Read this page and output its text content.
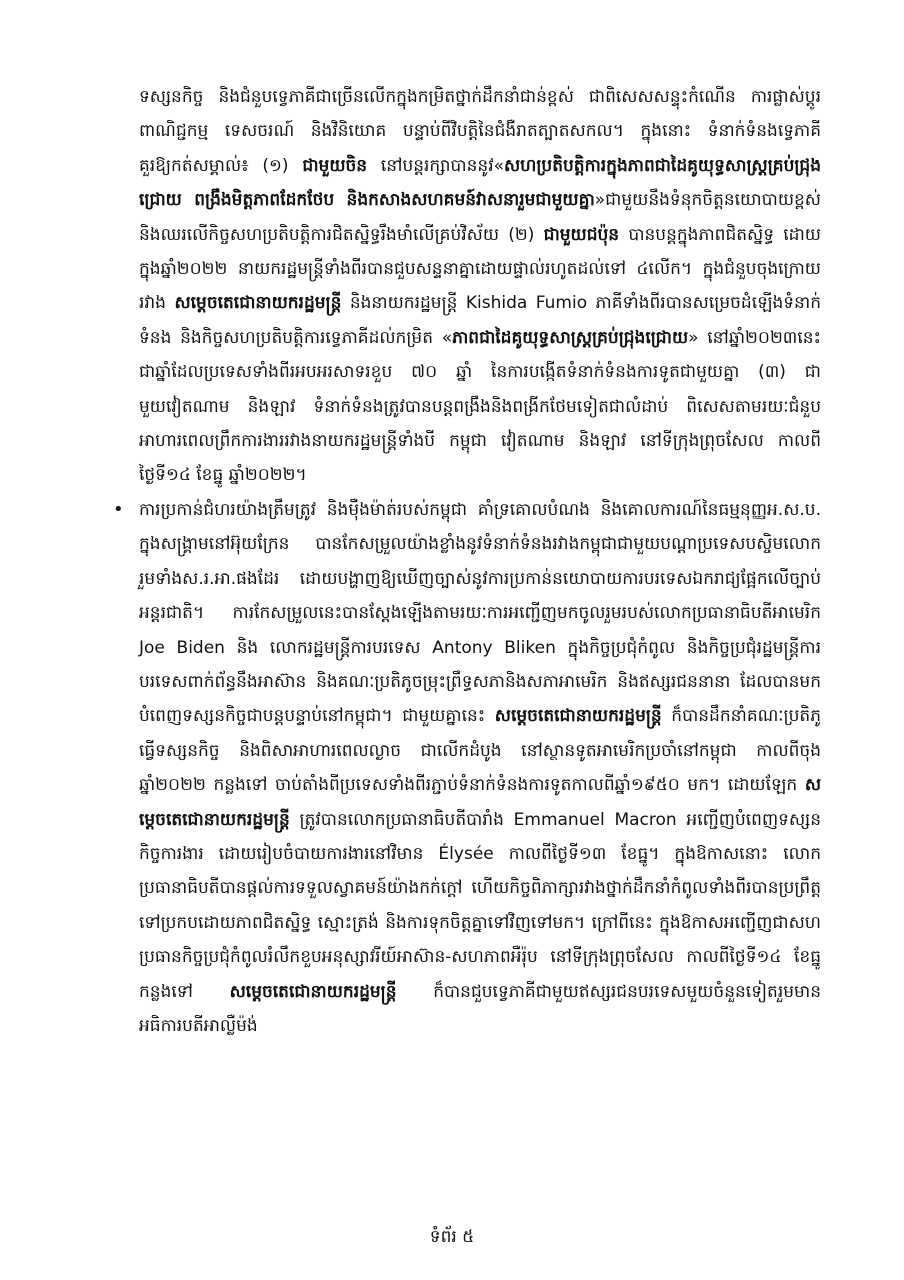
ទស្សនកិច្ច និងជំនួបទ្វេភាគីជាច្រើនលើកក្នុងកម្រិតថ្នាក់ដឹកនាំជាន់ខ្ពស់ ជាពិសេសសន្ទុះកំណើន ការផ្លាស់ប្តូរពាណិជ្ជកម្ម ទេសចរណ៍ និងវិនិយោគ បន្ទាប់ពីវិបត្តិនៃជំងឺរាតត្បាតសកល។ ក្នុងនោះ ទំនាក់ទំនងទ្វេភាគីគួរឱ្យកត់សម្គាល់៖ (១) ជាមួយចិន នៅបន្តរក្សាបាននូវ«សហប្រតិបត្តិការក្នុងភាពជាដៃគូយុទ្ធសាស្ត្រគ្រប់ជ្រុងជ្រោយ ពង្រឹងមិត្តភាពដែកថែប និងកសាងសហគមន៍វាសនារួមជាមួយគ្នា»ជាមួយនឹងទំនុកចិត្តនយោបាយខ្ពស់ និងឈរលើកិច្ចសហប្រតិបត្តិការជិតស្និទ្ធរឹងមាំលើគ្រប់វិស័យ (២) ជាមួយជប៉ុន បានបន្តក្នុងភាពជិតស្និទ្ធ ដោយក្នុងឆ្នាំ២០២២ នាយករដ្ឋមន្ត្រីទាំងពីរបានជួបសន្ទនាគ្នាដោយផ្ទាល់រហូតដល់ទៅ ៤លើក។ ក្នុងជំនួបចុងក្រោយរវាង សម្តេចតេជោនាយករដ្ឋមន្ត្រី និងនាយករដ្ឋមន្ត្រី Kishida Fumio ភាគីទាំងពីរបានសម្រេចដំឡើងទំនាក់ទំនង និងកិច្ចសហប្រតិបត្តិការទ្វេភាគីដល់កម្រិត «ភាពជាដៃគូយុទ្ធសាស្ត្រគ្រប់ជ្រុងជ្រោយ» នៅឆ្នាំ២០២៣នេះ ជាឆ្នាំដែលប្រទេសទាំងពីរអបអរសាទរខួប ៧០ ឆ្នាំ នៃការបង្កើតទំនាក់ទំនងការទូតជាមួយគ្នា (៣) ជាមួយវៀតណាម និងឡាវ ទំនាក់ទំនងត្រូវបានបន្តពង្រឹងនិងពង្រីកថែមទៀតជាលំដាប់ ពិសេសតាមរយៈជំនួបអាហារពេលព្រឹកការងាររវាងនាយករដ្ឋមន្ត្រីទាំងបី កម្ពុជា វៀតណាម និងឡាវ នៅទីក្រុងព្រុចសែល កាលពីថ្ងៃទី១៤ ខែធ្នូ ឆ្នាំ២០២២។

• ការប្រកាន់ជំហរយ៉ាងត្រឹមត្រូវ និងម៉ឺងម៉ាត់របស់កម្ពុជា គាំទ្រគោលបំណង និងគោលការណ៍នៃធម្មនុញ្ញអ.ស.ប. ក្នុងសង្គ្រាមនៅអ៊ុយក្រែន បានកែសម្រួលយ៉ាងខ្លាំងនូវទំនាក់ទំនងរវាងកម្ពុជាជាមួយបណ្តាប្រទេសបស្ចិមលោក រួមទាំងស.រ.អា.ផងដែរ ដោយបង្ហាញឱ្យឃើញច្បាស់នូវការប្រកាន់នយោបាយការបរទេសឯករាជ្យផ្អែកលើច្បាប់អន្តរជាតិ។ ការកែសម្រួលនេះបានស្តែងឡើងតាមរយៈការអញ្ជើញមកចូលរួមរបស់លោកប្រធានាធិបតីអាមេរិក Joe Biden និង លោករដ្ឋមន្ត្រីការបរទេស Antony Bliken ក្នុងកិច្ចប្រជុំកំពូល និងកិច្ចប្រជុំរដ្ឋមន្ត្រីការបរទេសពាក់ព័ន្ធនឹងអាស៊ាន និងគណៈប្រតិភូចម្រុះព្រឹទ្ធសភានិងសភាអាមេរិក និងឥស្សរជននានា ដែលបានមកបំពេញទស្សនកិច្ចជាបន្តបន្ទាប់នៅកម្ពុជា។ ជាមួយគ្នានេះ សម្តេចតេជោនាយករដ្ឋមន្ត្រី ក៏បានដឹកនាំគណៈប្រតិភូធ្វើទស្សនកិច្ច និងពិសាអាហារពេលល្ងាច ជាលើកដំបូង នៅស្ថានទូតអាមេរិកប្រចាំនៅកម្ពុជា កាលពីចុងឆ្នាំ២០២២ កន្លងទៅ ចាប់តាំងពីប្រទេសទាំងពីរភ្ជាប់ទំនាក់ទំនងការទូតកាលពីឆ្នាំ១៩៥០ មក។ ដោយឡែក សម្តេចតេជោនាយករដ្ឋមន្ត្រី ត្រូវបានលោកប្រធានាធិបតីបារាំង Emmanuel Macron អញ្ជើញបំពេញទស្សនកិច្ចការងារ ដោយរៀបចំបាយការងារនៅវិមាន Élysée កាលពីថ្ងៃទី១៣ ខែធ្នូ។ ក្នុងឱកាសនោះ លោកប្រធានាធិបតីបានផ្តល់ការទទួលស្វាគមន៍យ៉ាងកក់ក្តៅ ហើយកិច្ចពិភាក្សារវាងថ្នាក់ដឹកនាំកំពូលទាំងពីរបានប្រព្រឹត្តទៅប្រកបដោយភាពជិតស្និទ្ធ ស្មោះត្រង់ និងការទុកចិត្តគ្នាទៅវិញទៅមក។ ក្រៅពីនេះ ក្នុងឱកាសអញ្ជើញជាសហប្រធានកិច្ចប្រជុំកំពូលរំលឹកខួបអនុស្សាវរីយ៍អាស៊ាន-សហភាពអឺរ៉ុប នៅទីក្រុងព្រុចសែល កាលពីថ្ងៃទី១៤ ខែធ្នូ កន្លងទៅ សម្តេចតេជោនាយករដ្ឋមន្ត្រី ក៏បានជួបទ្វេភាគីជាមួយឥស្សរជនបរទេសមួយចំនួនទៀតរួមមាន អធិការបតីអាល្លឺម៉ង់

ទំព័រ ៥
